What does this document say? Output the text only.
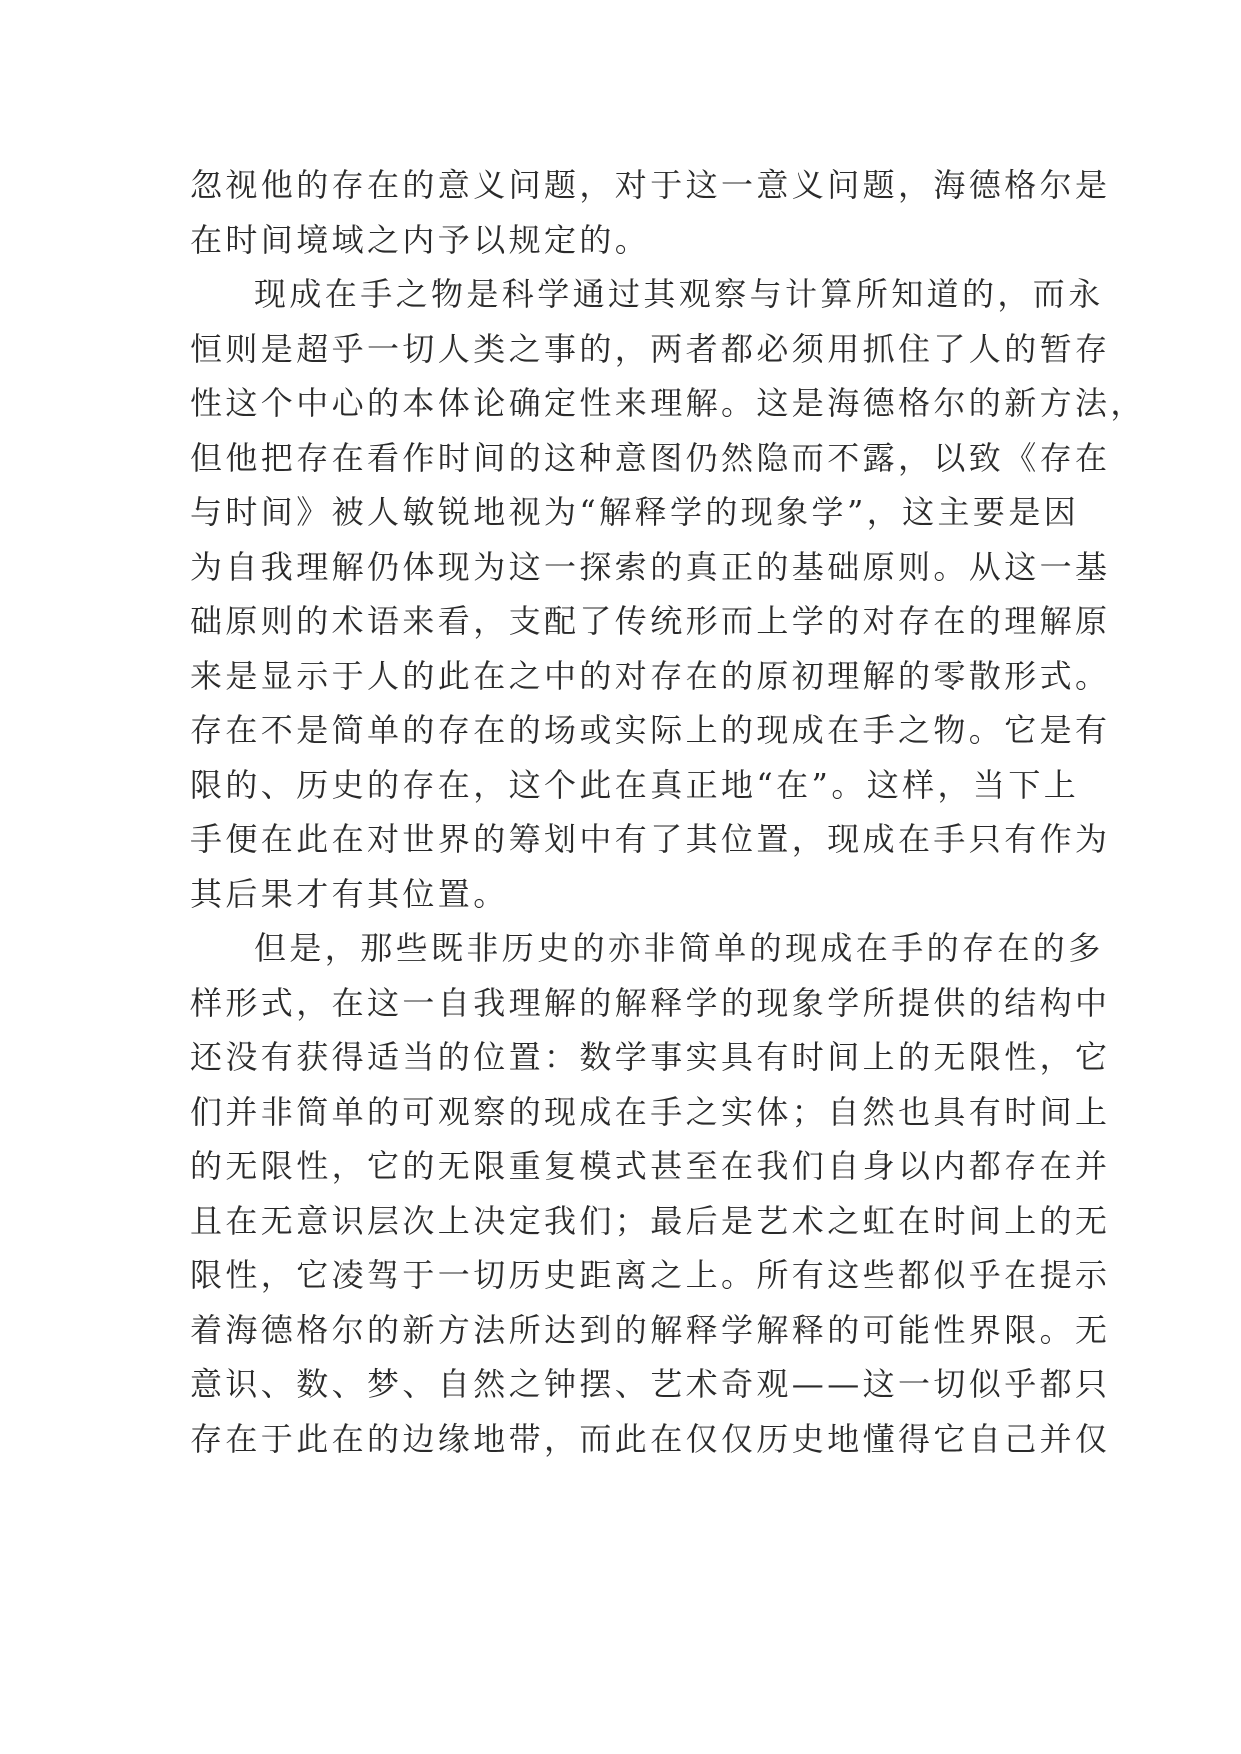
忽视他的存在的意义问题，对于这一意义问题，海德格尔是
在时间境域之内予以规定的。
现成在手之物是科学通过其观察与计算所知道的，而永
恒则是超乎一切人类之事的，两者都必须用抓住了人的暂存
性这个中心的本体论确定性来理解。这是海德格尔的新方法，
但他把存在看作时间的这种意图仍然隐而不露，以致《存在
与时间》被人敏锐地视为“解释学的现象学”，这主要是因
为自我理解仍体现为这一探索的真正的基础原则。从这一基
础原则的术语来看，支配了传统形而上学的对存在的理解原
来是显示于人的此在之中的对存在的原初理解的零散形式。
存在不是简单的存在的场或实际上的现成在手之物。它是有
限的、历史的存在，这个此在真正地“在”。这样，当下上
手便在此在对世界的筹划中有了其位置，现成在手只有作为
其后果才有其位置。
但是，那些既非历史的亦非简单的现成在手的存在的多
样形式，在这一自我理解的解释学的现象学所提供的结构中
还没有获得适当的位置：数学事实具有时间上的无限性，它
们并非简单的可观察的现成在手之实体；自然也具有时间上
的无限性，它的无限重复模式甚至在我们自身以内都存在并
且在无意识层次上决定我们；最后是艺术之虹在时间上的无
限性，它凌驾于一切历史距离之上。所有这些都似乎在提示
着海德格尔的新方法所达到的解释学解释的可能性界限。无
意识、数、梦、自然之钟摆、艺术奇观——这一切似乎都只
存在于此在的边缘地带，而此在仅仅历史地懂得它自己并仅
